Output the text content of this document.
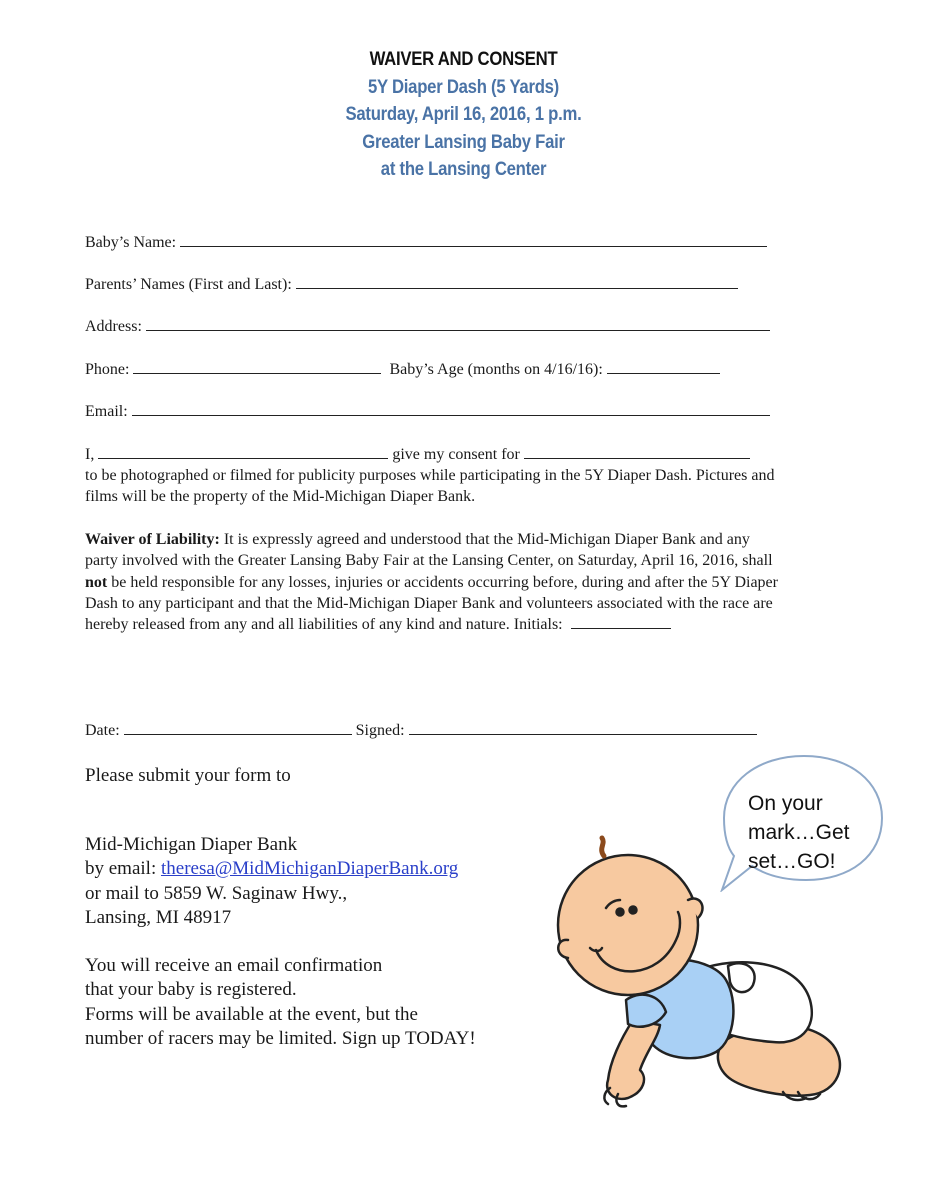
WAIVER AND CONSENT
5Y Diaper Dash (5 Yards)
Saturday, April 16, 2016, 1 p.m.
Greater Lansing Baby Fair
at the Lansing Center
Baby’s Name:
Parents’ Names (First and Last):
Address:
Phone:	Baby’s Age (months on 4/16/16):
Email:
I,	give my consent for
to be photographed or filmed for publicity purposes while participating in the 5Y Diaper Dash. Pictures and films will be the property of the Mid-Michigan Diaper Bank.
Waiver of Liability: It is expressly agreed and understood that the Mid-Michigan Diaper Bank and any party involved with the Greater Lansing Baby Fair at the Lansing Center, on Saturday, April 16, 2016, shall not be held responsible for any losses, injuries or accidents occurring before, during and after the 5Y Diaper Dash to any participant and that the Mid-Michigan Diaper Bank and volunteers associated with the race are hereby released from any and all liabilities of any kind and nature. Initials:
Date:	Signed:
Please submit your form to
Mid-Michigan Diaper Bank
by email: theresa@MidMichiganDiaperBank.org
or mail to 5859 W. Saginaw Hwy.,
Lansing, MI 48917
You will receive an email confirmation
that your baby is registered.
Forms will be available at the event, but the
number of racers may be limited. Sign up TODAY!
On your
mark…Get
set…GO!
